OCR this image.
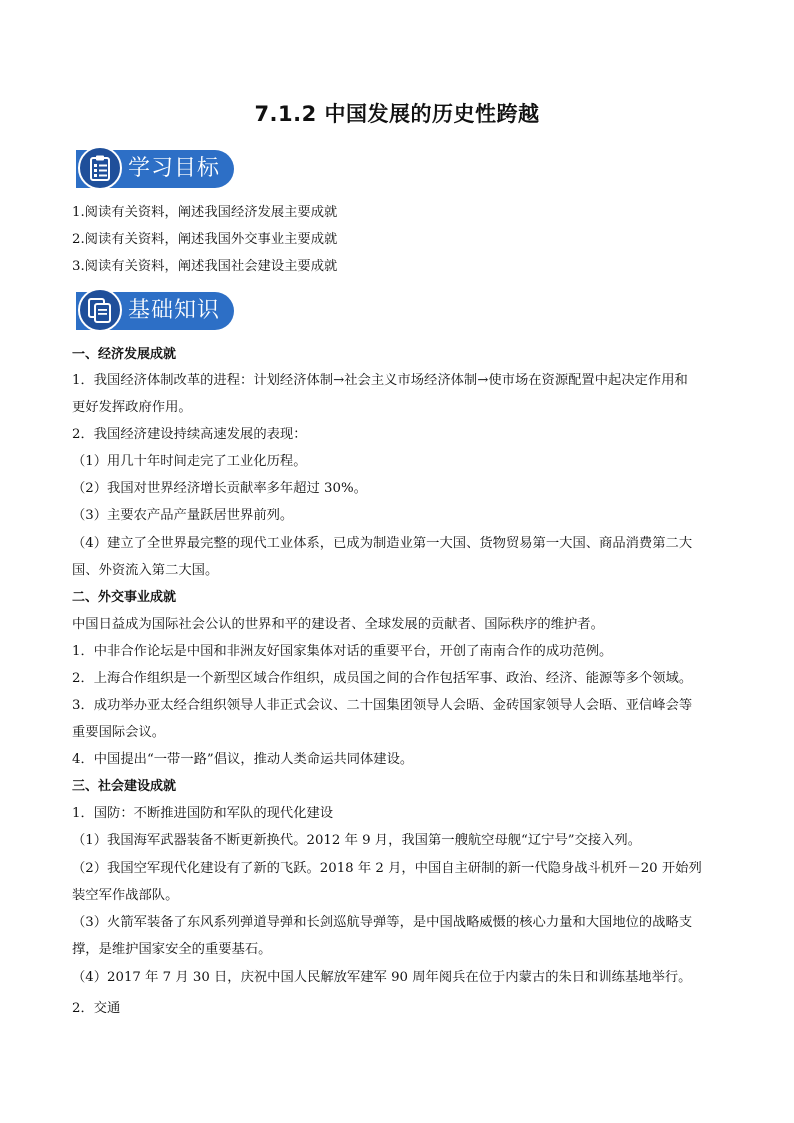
7.1.2 中国发展的历史性跨越
学习目标
1.阅读有关资料，阐述我国经济发展主要成就
2.阅读有关资料，阐述我国外交事业主要成就
3.阅读有关资料，阐述我国社会建设主要成就
基础知识
一、经济发展成就
1．我国经济体制改革的进程：计划经济体制→社会主义市场经济体制→使市场在资源配置中起决定作用和
更好发挥政府作用。
2．我国经济建设持续高速发展的表现：
（1）用几十年时间走完了工业化历程。
（2）我国对世界经济增长贡献率多年超过 30%。
（3）主要农产品产量跃居世界前列。
（4）建立了全世界最完整的现代工业体系，已成为制造业第一大国、货物贸易第一大国、商品消费第二大
国、外资流入第二大国。
二、外交事业成就
中国日益成为国际社会公认的世界和平的建设者、全球发展的贡献者、国际秩序的维护者。
1．中非合作论坛是中国和非洲友好国家集体对话的重要平台，开创了南南合作的成功范例。
2．上海合作组织是一个新型区域合作组织，成员国之间的合作包括军事、政治、经济、能源等多个领域。
3．成功举办亚太经合组织领导人非正式会议、二十国集团领导人会晤、金砖国家领导人会晤、亚信峰会等
重要国际会议。
4．中国提出“一带一路”倡议，推动人类命运共同体建设。
三、社会建设成就
1．国防：不断推进国防和军队的现代化建设
（1）我国海军武器装备不断更新换代。2012 年 9 月，我国第一艘航空母舰“辽宁号”交接入列。
（2）我国空军现代化建设有了新的飞跃。2018 年 2 月，中国自主研制的新一代隐身战斗机歼－20 开始列
装空军作战部队。
（3）火箭军装备了东风系列弹道导弹和长剑巡航导弹等，是中国战略威慑的核心力量和大国地位的战略支
撑，是维护国家安全的重要基石。
（4）2017 年 7 月 30 日，庆祝中国人民解放军建军 90 周年阅兵在位于内蒙古的朱日和训练基地举行。
2．交通
